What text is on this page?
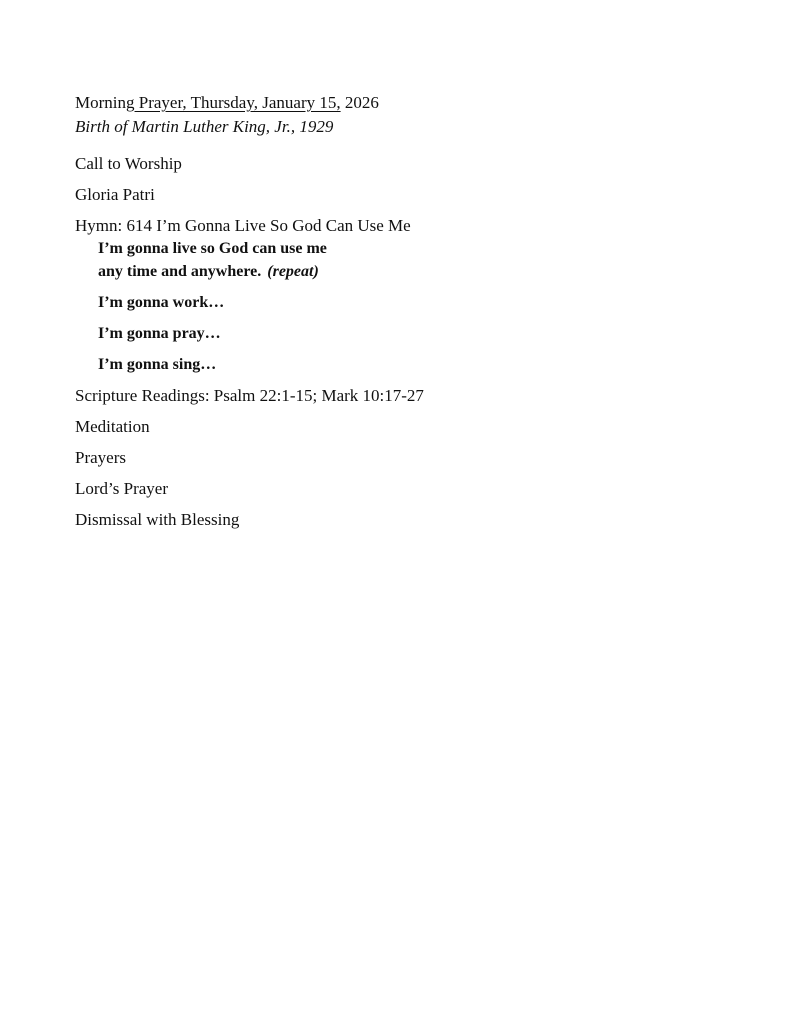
Morning Prayer, Thursday, January 15, 2026
Birth of Martin Luther King, Jr., 1929
Call to Worship
Gloria Patri
Hymn: 614 I’m Gonna Live So God Can Use Me
I’m gonna live so God can use me
any time and anywhere. (repeat)
I’m gonna work…
I’m gonna pray…
I’m gonna sing…
Scripture Readings: Psalm 22:1-15; Mark 10:17-27
Meditation
Prayers
Lord’s Prayer
Dismissal with Blessing
